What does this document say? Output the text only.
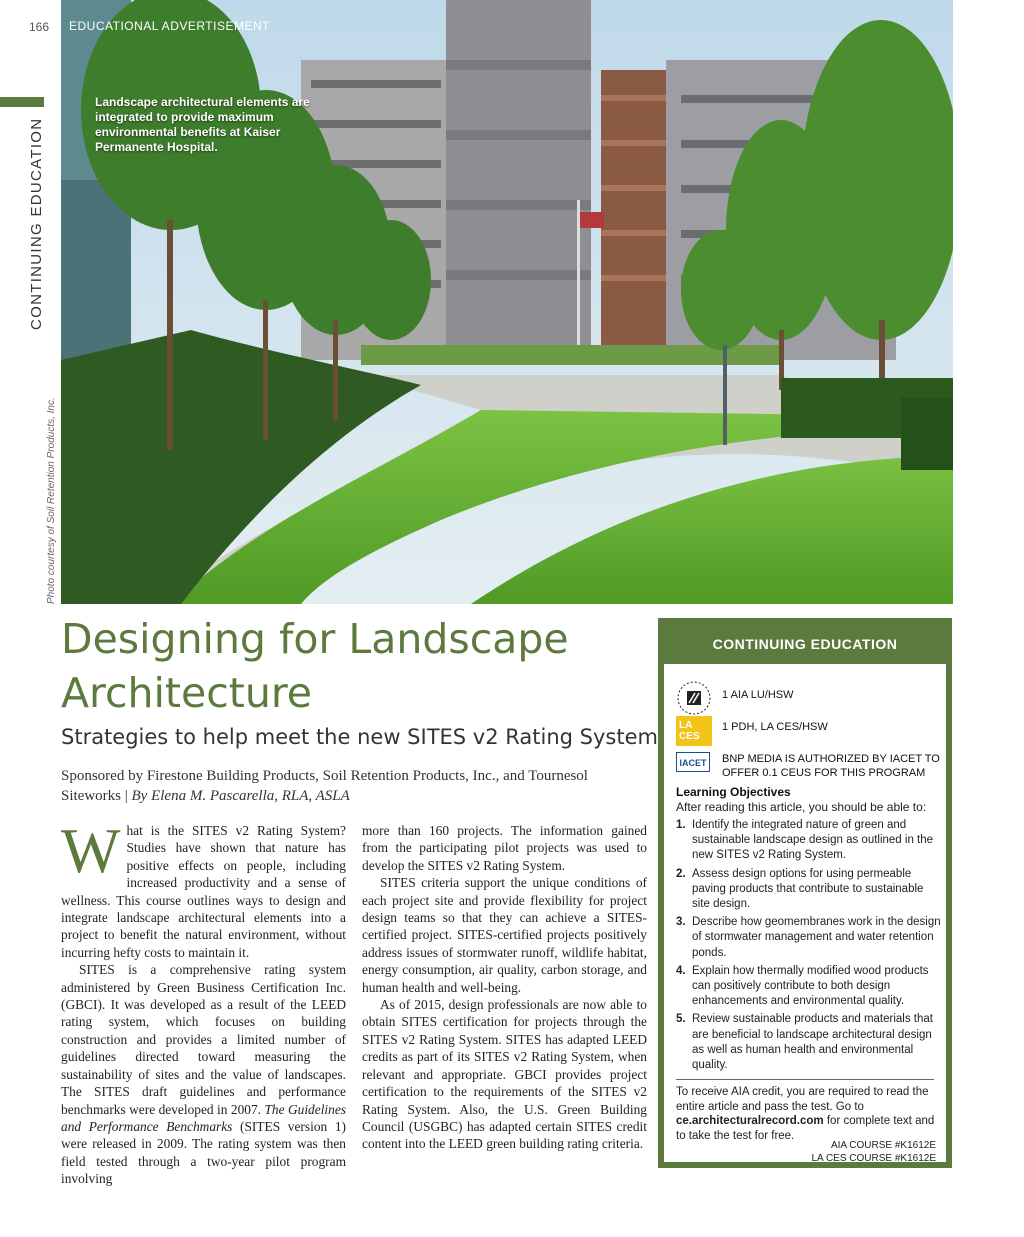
166
CONTINUING EDUCATION
Photo courtesy of Soil Retention Products, Inc.
EDUCATIONAL ADVERTISEMENT
Landscape architectural elements are integrated to provide maximum environmental benefits at Kaiser Permanente Hospital.
Designing for Landscape Architecture
Strategies to help meet the new SITES v2 Rating System
Sponsored by Firestone Building Products, Soil Retention Products, Inc., and Tournesol Siteworks | By Elena M. Pascarella, RLA, ASLA

What is the SITES v2 Rating System? Studies have shown that nature has positive effects on people, including increased productivity and a sense of wellness. This course outlines ways to design and integrate landscape architectural elements into a project to benefit the natural environment, without incurring hefty costs to maintain it.

SITES is a comprehensive rating system administered by Green Business Certification Inc. (GBCI). It was developed as a result of the LEED rating system, which focuses on building construction and provides a limited number of guidelines directed toward measuring the sustainability of sites and the value of landscapes. The SITES draft guidelines and performance benchmarks were developed in 2007. The Guidelines and Performance Benchmarks (SITES version 1) were released in 2009. The rating system was then field tested through a two-year pilot program involving

more than 160 projects. The information gained from the participating pilot projects was used to develop the SITES v2 Rating System.

SITES criteria support the unique conditions of each project site and provide flexibility for project design teams so that they can achieve a SITES-certified project. SITES-certified projects positively address issues of stormwater runoff, wildlife habitat, energy consumption, air quality, carbon storage, and human health and well-being.

As of 2015, design professionals are now able to obtain SITES certification for projects through the SITES v2 Rating System. SITES has adapted LEED credits as part of its SITES v2 Rating System, when relevant and appropriate. GBCI provides project certification to the requirements of the SITES v2 Rating System. Also, the U.S. Green Building Council (USGBC) has adapted certain SITES credit content into the LEED green building rating criteria.

CONTINUING EDUCATION
1 AIA LU/HSW
LA CES
1 PDH, LA CES/HSW
IACET	BNP MEDIA IS AUTHORIZED BY IACET TO OFFER 0.1 CEUS FOR THIS PROGRAM
Learning Objectives
After reading this article, you should be able to:
1. Identify the integrated nature of green and sustainable landscape design as outlined in the new SITES v2 Rating System.
2. Assess design options for using permeable paving products that contribute to sustainable site design.
3. Describe how geomembranes work in the design of stormwater management and water retention ponds.
4. Explain how thermally modified wood products can positively contribute to both design enhancements and environmental quality.
5. Review sustainable products and materials that are beneficial to landscape architectural design as well as human health and environmental quality.
To receive AIA credit, you are required to read the entire article and pass the test. Go to ce.architecturalrecord.com for complete text and to take the test for free.
AIA COURSE #K1612E
LA CES COURSE #K1612E
